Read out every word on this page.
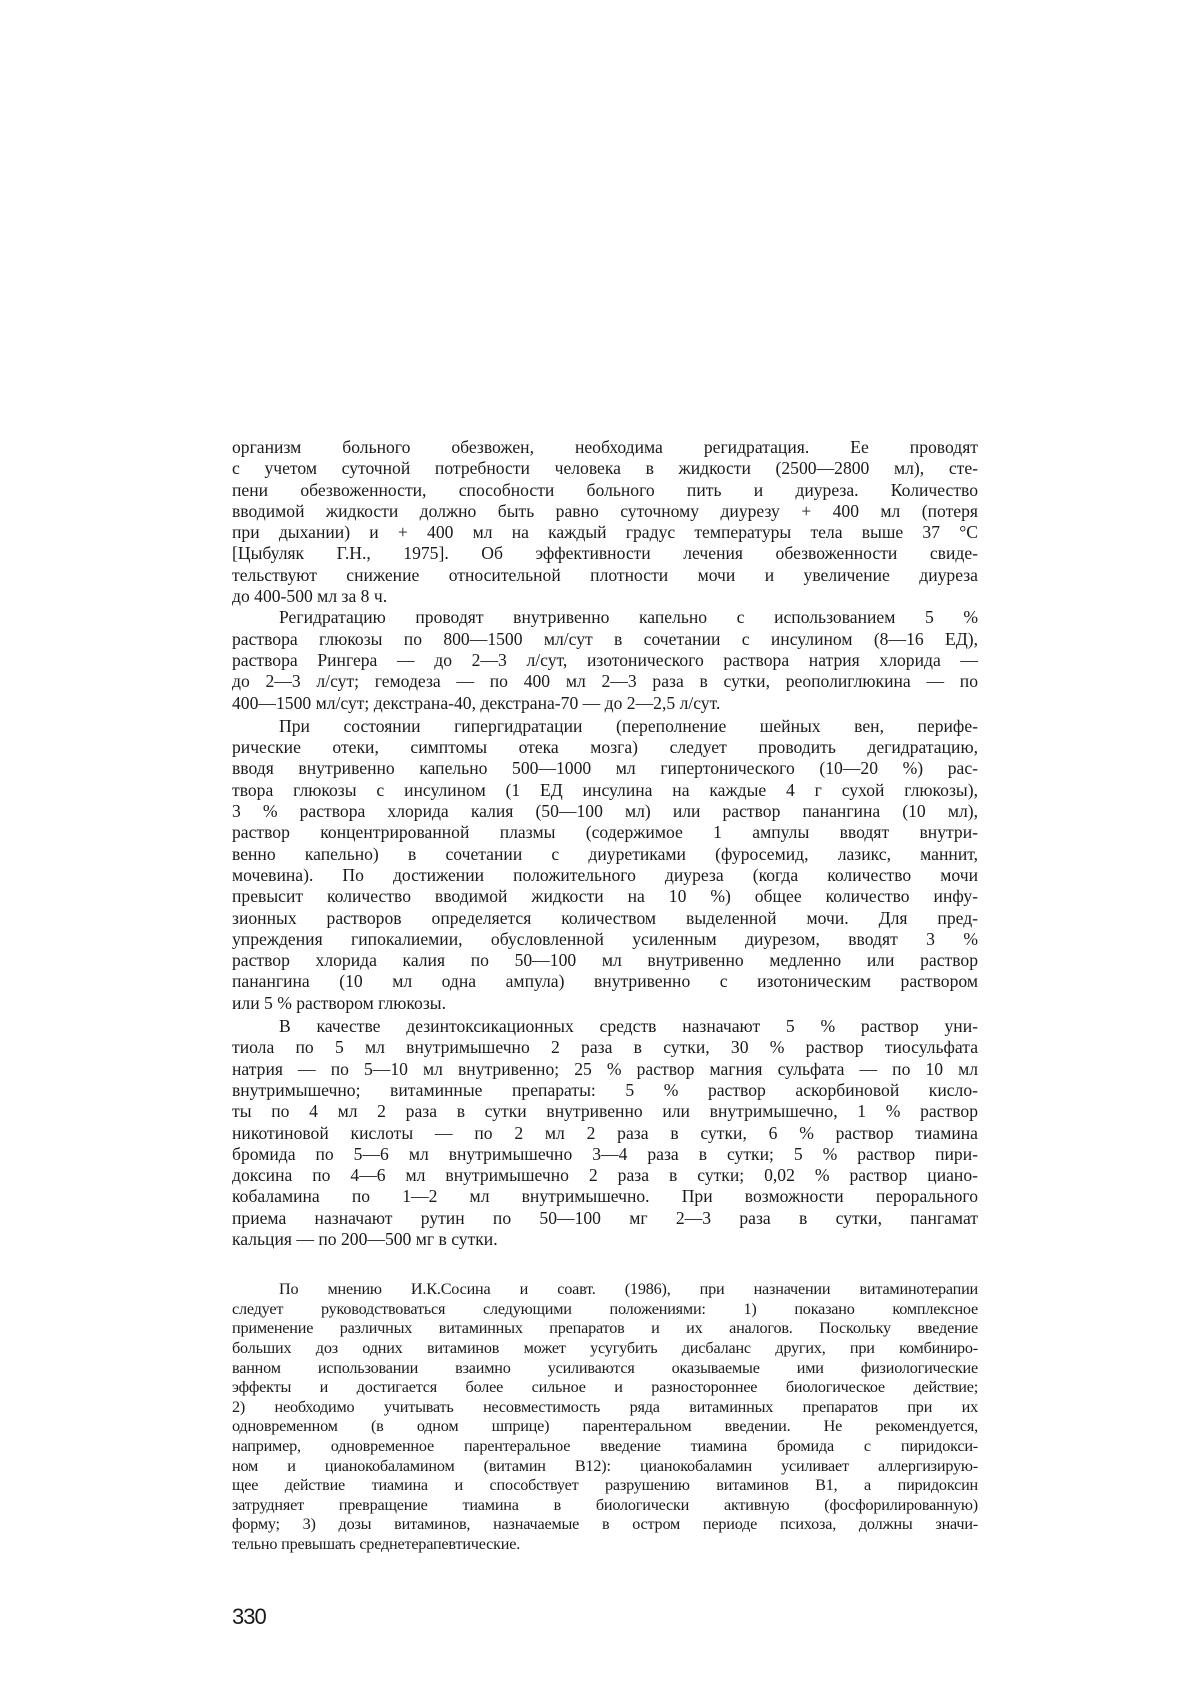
организм больного обезвожен, необходима регидратация. Ее проводят
с учетом суточной потребности человека в жидкости (2500—2800 мл), сте-
пени обезвоженности, способности больного пить и диуреза. Количество
вводимой жидкости должно быть равно суточному диурезу + 400 мл (потеря
при дыхании) и + 400 мл на каждый градус температуры тела выше 37 °С
[Цыбуляк Г.Н., 1975]. Об эффективности лечения обезвоженности свиде-
тельствуют снижение относительной плотности мочи и увеличение диуреза
до 400-500 мл за 8 ч.
Регидратацию проводят внутривенно капельно с использованием 5 %
раствора глюкозы по 800—1500 мл/сут в сочетании с инсулином (8—16 ЕД),
раствора Рингера — до 2—3 л/сут, изотонического раствора натрия хлорида —
до 2—3 л/сут; гемодеза — по 400 мл 2—3 раза в сутки, реополиглюкина — по
400—1500 мл/сут; декстрана-40, декстрана-70 — до 2—2,5 л/сут.
При состоянии гипергидратации (переполнение шейных вен, перифе-
рические отеки, симптомы отека мозга) следует проводить дегидратацию,
вводя внутривенно капельно 500—1000 мл гипертонического (10—20 %) рас-
твора глюкозы с инсулином (1 ЕД инсулина на каждые 4 г сухой глюкозы),
3 % раствора хлорида калия (50—100 мл) или раствор панангина (10 мл),
раствор концентрированной плазмы (содержимое 1 ампулы вводят внутри-
венно капельно) в сочетании с диуретиками (фуросемид, лазикс, маннит,
мочевина). По достижении положительного диуреза (когда количество мочи
превысит количество вводимой жидкости на 10 %) общее количество инфу-
зионных растворов определяется количеством выделенной мочи. Для пред-
упреждения гипокалиемии, обусловленной усиленным диурезом, вводят 3 %
раствор хлорида калия по 50—100 мл внутривенно медленно или раствор
панангина (10 мл одна ампула) внутривенно с изотоническим раствором
или 5 % раствором глюкозы.
В качестве дезинтоксикационных средств назначают 5 % раствор уни-
тиола по 5 мл внутримышечно 2 раза в сутки, 30 % раствор тиосульфата
натрия — по 5—10 мл внутривенно; 25 % раствор магния сульфата — по 10 мл
внутримышечно; витаминные препараты: 5 % раствор аскорбиновой кисло-
ты по 4 мл 2 раза в сутки внутривенно или внутримышечно, 1 % раствор
никотиновой кислоты — по 2 мл 2 раза в сутки, 6 % раствор тиамина
бромида по 5—6 мл внутримышечно 3—4 раза в сутки; 5 % раствор пири-
доксина по 4—6 мл внутримышечно 2 раза в сутки; 0,02 % раствор циано-
кобаламина по 1—2 мл внутримышечно. При возможности перорального
приема назначают рутин по 50—100 мг 2—3 раза в сутки, пангамат
кальция — по 200—500 мг в сутки.
По мнению И.К.Сосина и соавт. (1986), при назначении витаминотерапии
следует руководствоваться следующими положениями: 1) показано комплексное
применение различных витаминных препаратов и их аналогов. Поскольку введение
больших доз одних витаминов может усугубить дисбаланс других, при комбиниро-
ванном использовании взаимно усиливаются оказываемые ими физиологические
эффекты и достигается более сильное и разностороннее биологическое действие;
2) необходимо учитывать несовместимость ряда витаминных препаратов при их
одновременном (в одном шприце) парентеральном введении. Не рекомендуется,
например, одновременное парентеральное введение тиамина бромида с пиридокси-
ном и цианокобаламином (витамин B12): цианокобаламин усиливает аллергизирую-
щее действие тиамина и способствует разрушению витаминов B1, а пиридоксин
затрудняет превращение тиамина в биологически активную (фосфорилированную)
форму; 3) дозы витаминов, назначаемые в остром периоде психоза, должны значи-
тельно превышать среднетерапевтические.
330
